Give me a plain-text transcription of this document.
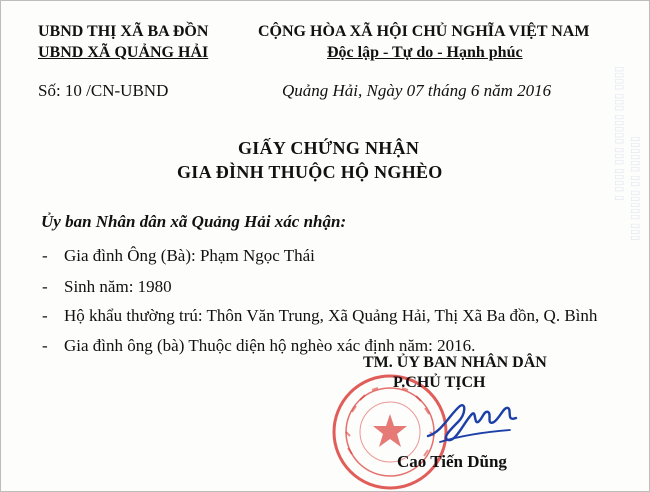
▯ ▯▯▯▯ ▯▯▯ ▯▯▯▯▯ ▯▯▯ ▯▯▯▯ ▯▯▯ ▯▯▯▯▯ ▯▯ ▯▯▯▯▯▯
UBND THỊ XÃ BA ĐỒN
UBND XÃ QUẢNG HẢI
CỘNG HÒA XÃ HỘI CHỦ NGHĨA VIỆT NAM
Độc lập - Tự do - Hạnh phúc
Số: 10 /CN-UBND	Quảng Hải, Ngày 07 tháng 6 năm 2016
GIẤY CHỨNG NHẬN
GIA ĐÌNH THUỘC HỘ NGHÈO
Ủy ban Nhân dân xã Quảng Hải xác nhận:
- Gia đình Ông (Bà): Phạm Ngọc Thái
- Sinh năm: 1980
- Hộ khẩu thường trú: Thôn Văn Trung, Xã Quảng Hải, Thị Xã Ba đồn, Q. Bình
- Gia đình ông (bà) Thuộc diện hộ nghèo xác định năm: 2016.
TM. ỦY BAN NHÂN DÂN
P.CHỦ TỊCH
Cao Tiến Dũng
